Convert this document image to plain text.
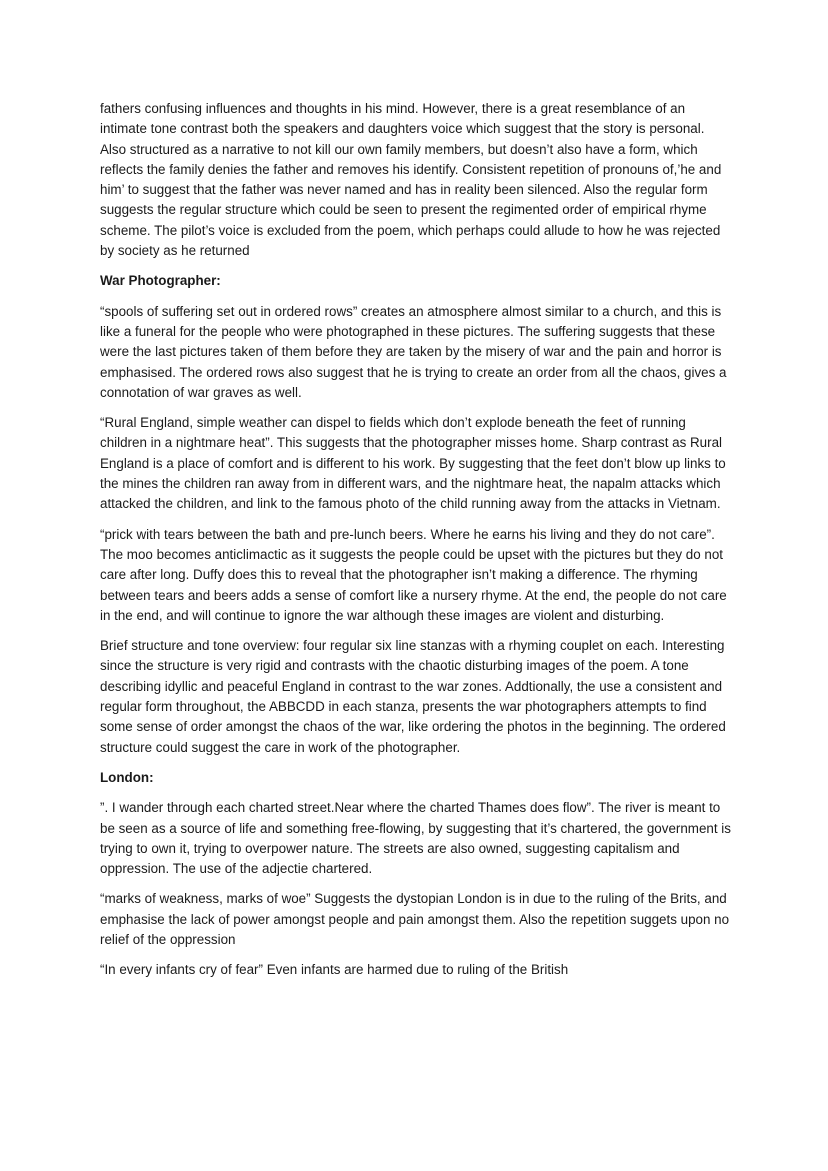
fathers confusing influences and thoughts in his mind. However, there is a great resemblance of an intimate tone contrast both the speakers and daughters voice which suggest that the story is personal. Also structured as a narrative to not kill our own family members, but doesn’t also have a form, which reflects the family denies the father and removes his identify. Consistent repetition of pronouns of,’he and him’ to suggest that the father was never named and has in reality been silenced. Also the regular form suggests the regular structure which could be seen to present the regimented order of empirical rhyme scheme. The pilot’s voice is excluded from the poem, which perhaps could allude to how he was rejected by society as he returned

War Photographer:

“spools of suffering set out in ordered rows” creates an atmosphere almost similar to a church, and this is like a funeral for the people who were photographed in these pictures. The suffering suggests that these were the last pictures taken of them before they are taken by the misery of war and the pain and horror is emphasised. The ordered rows also suggest that he is trying to create an order from all the chaos, gives a connotation of war graves as well.

“Rural England, simple weather can dispel to fields which don’t explode beneath the feet of running children in a nightmare heat”. This suggests that the photographer misses home. Sharp contrast as Rural England is a place of comfort and is different to his work. By suggesting that the feet don’t blow up links to the mines the children ran away from in different wars, and the nightmare heat, the napalm attacks which attacked the children, and link to the famous photo of the child running away from the attacks in Vietnam.

“prick with tears between the bath and pre-lunch beers. Where he earns his living and they do not care”. The moo becomes anticlimactic as it suggests the people could be upset with the pictures but they do not care after long. Duffy does this to reveal that the photographer isn’t making a difference. The rhyming between tears and beers adds a sense of comfort like a nursery rhyme. At the end, the people do not care in the end, and will continue to ignore the war although these images are violent and disturbing.

Brief structure and tone overview: four regular six line stanzas with a rhyming couplet on each. Interesting since the structure is very rigid and contrasts with the chaotic disturbing images of the poem. A tone describing idyllic and peaceful England in contrast to the war zones. Addtionally, the use a consistent and regular form throughout, the ABBCDD in each stanza, presents the war photographers attempts to find some sense of order amongst the chaos of the war, like ordering the photos in the beginning. The ordered structure could suggest the care in work of the photographer.

London:

”. I wander through each charted street.Near where the charted Thames does flow”. The river is meant to be seen as a source of life and something free-flowing, by suggesting that it’s chartered, the government is trying to own it, trying to overpower nature. The streets are also owned, suggesting capitalism and oppression. The use of the adjectie chartered.

“marks of weakness, marks of woe” Suggests the dystopian London is in due to the ruling of the Brits, and emphasise the lack of power amongst people and pain amongst them. Also the repetition suggets upon no relief of the oppression

“In every infants cry of fear” Even infants are harmed due to ruling of the British
